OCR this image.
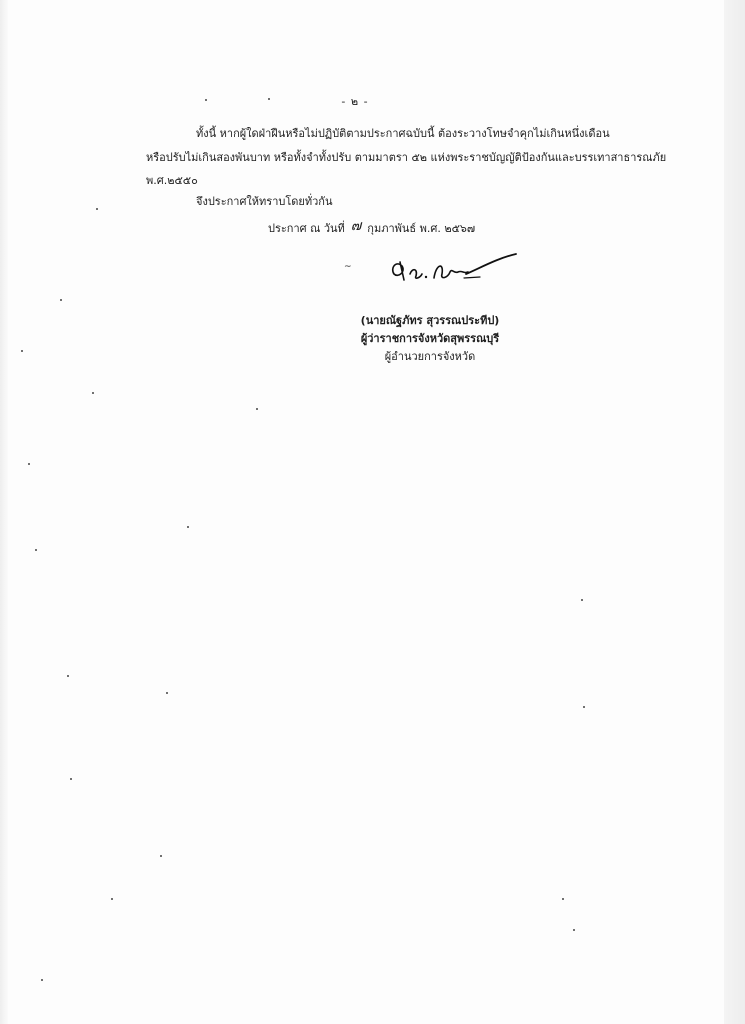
- ๒ -
ทั้งนี้ หากผู้ใดฝ่าฝืนหรือไม่ปฏิบัติตามประกาศฉบับนี้ ต้องระวางโทษจำคุกไม่เกินหนึ่งเดือน
หรือปรับไม่เกินสองพันบาท หรือทั้งจำทั้งปรับ ตามมาตรา ๕๒ แห่งพระราชบัญญัติป้องกันและบรรเทาสาธารณภัย
พ.ศ.๒๕๕๐
จึงประกาศให้ทราบโดยทั่วกัน
ประกาศ ณ วันที่ ๗ กุมภาพันธ์ พ.ศ. ๒๕๖๗
~
(นายณัฐภัทร สุวรรณประทีป)
ผู้ว่าราชการจังหวัดสุพรรณบุรี
ผู้อำนวยการจังหวัด
